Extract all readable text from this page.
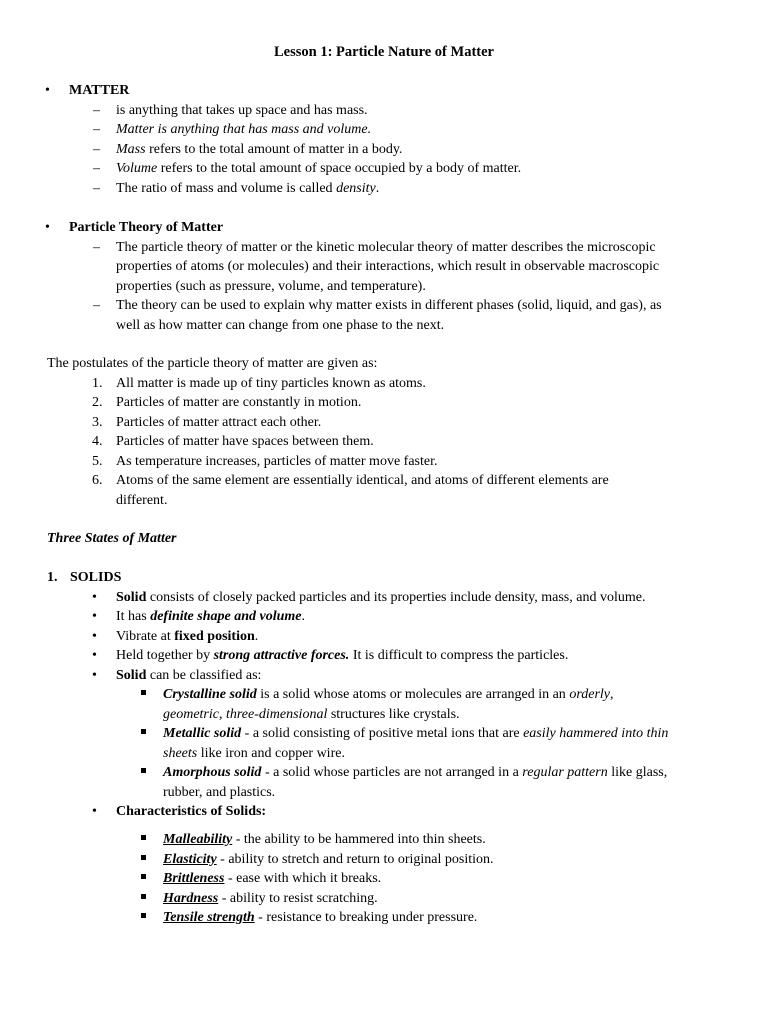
Lesson 1: Particle Nature of Matter
• MATTER
– is anything that takes up space and has mass.
– Matter is anything that has mass and volume.
– Mass refers to the total amount of matter in a body.
– Volume refers to the total amount of space occupied by a body of matter.
– The ratio of mass and volume is called density.
• Particle Theory of Matter
– The particle theory of matter or the kinetic molecular theory of matter describes the microscopic
properties of atoms (or molecules) and their interactions, which result in observable macroscopic
properties (such as pressure, volume, and temperature).
– The theory can be used to explain why matter exists in different phases (solid, liquid, and gas), as
well as how matter can change from one phase to the next.
The postulates of the particle theory of matter are given as:
1. All matter is made up of tiny particles known as atoms.
2. Particles of matter are constantly in motion.
3. Particles of matter attract each other.
4. Particles of matter have spaces between them.
5. As temperature increases, particles of matter move faster.
6. Atoms of the same element are essentially identical, and atoms of different elements are
different.
Three States of Matter
1. SOLIDS
• Solid consists of closely packed particles and its properties include density, mass, and volume.
• It has definite shape and volume.
• Vibrate at fixed position.
• Held together by strong attractive forces. It is difficult to compress the particles.
• Solid can be classified as:
Crystalline solid is a solid whose atoms or molecules are arranged in an orderly,
geometric, three-dimensional structures like crystals.
Metallic solid - a solid consisting of positive metal ions that are easily hammered into thin
sheets like iron and copper wire.
Amorphous solid - a solid whose particles are not arranged in a regular pattern like glass,
rubber, and plastics.
• Characteristics of Solids:
Malleability - the ability to be hammered into thin sheets.
Elasticity - ability to stretch and return to original position.
Brittleness - ease with which it breaks.
Hardness - ability to resist scratching.
Tensile strength - resistance to breaking under pressure.
